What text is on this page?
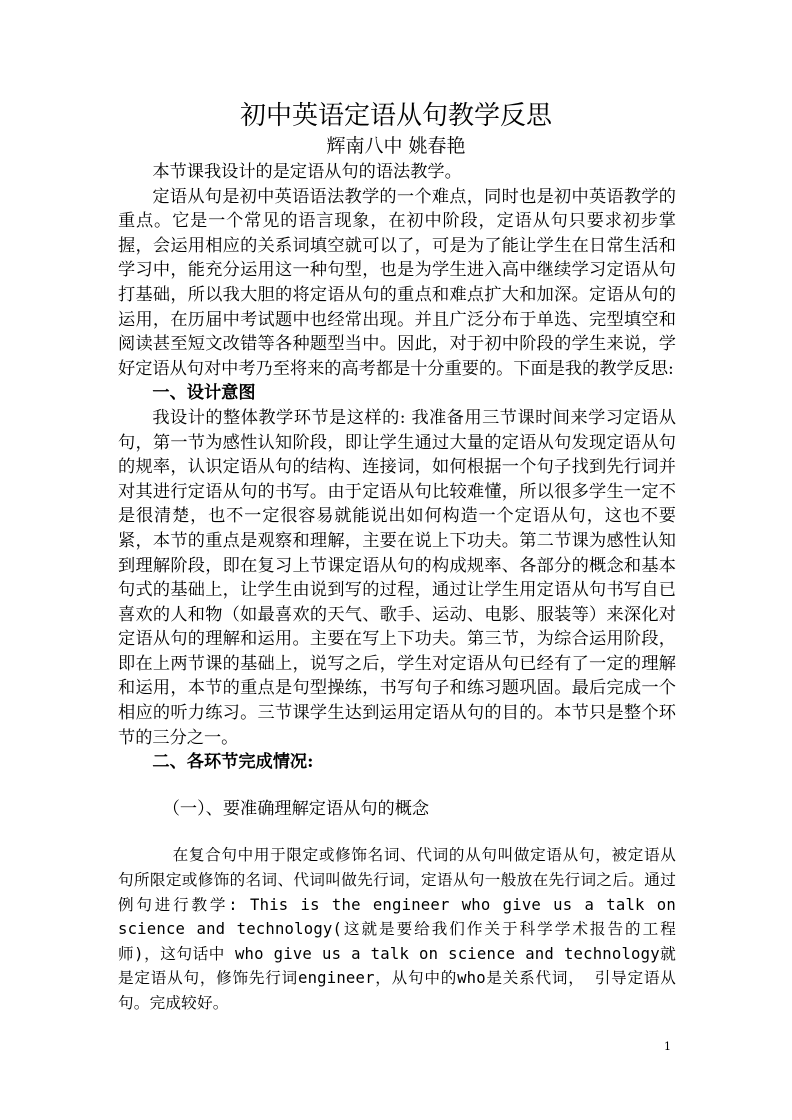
初中英语定语从句教学反思
辉南八中 姚春艳

本节课我设计的是定语从句的语法教学。

定语从句是初中英语语法教学的一个难点，同时也是初中英语教学的重点。它是一个常见的语言现象，在初中阶段，定语从句只要求初步掌握，会运用相应的关系词填空就可以了，可是为了能让学生在日常生活和学习中，能充分运用这一种句型，也是为学生进入高中继续学习定语从句打基础，所以我大胆的将定语从句的重点和难点扩大和加深。定语从句的运用，在历届中考试题中也经常出现。并且广泛分布于单选、完型填空和阅读甚至短文改错等各种题型当中。因此，对于初中阶段的学生来说，学好定语从句对中考乃至将来的高考都是十分重要的。下面是我的教学反思:

一、设计意图

我设计的整体教学环节是这样的: 我准备用三节课时间来学习定语从句，第一节为感性认知阶段，即让学生通过大量的定语从句发现定语从句的规率，认识定语从句的结构、连接词，如何根据一个句子找到先行词并对其进行定语从句的书写。由于定语从句比较难懂，所以很多学生一定不是很清楚，也不一定很容易就能说出如何构造一个定语从句，这也不要紧，本节的重点是观察和理解，主要在说上下功夫。第二节课为感性认知到理解阶段，即在复习上节课定语从句的构成规率、各部分的概念和基本句式的基础上，让学生由说到写的过程，通过让学生用定语从句书写自已喜欢的人和物（如最喜欢的天气、歌手、运动、电影、服装等）来深化对定语从句的理解和运用。主要在写上下功夫。第三节，为综合运用阶段，即在上两节课的基础上，说写之后，学生对定语从句已经有了一定的理解和运用，本节的重点是句型操练，书写句子和练习题巩固。最后完成一个相应的听力练习。三节课学生达到运用定语从句的目的。本节只是整个环节的三分之一。

二、各环节完成情况:

（一）、要准确理解定语从句的概念

在复合句中用于限定或修饰名词、代词的从句叫做定语从句，被定语从句所限定或修饰的名词、代词叫做先行词，定语从句一般放在先行词之后。通过例句进行教学: This is the engineer who give us a talk on science and technology(这就是要给我们作关于科学学术报告的工程师)，这句话中 who give us a talk on science and technology就是定语从句，修饰先行词engineer，从句中的who是关系代词， 引导定语从句。完成较好。

1
